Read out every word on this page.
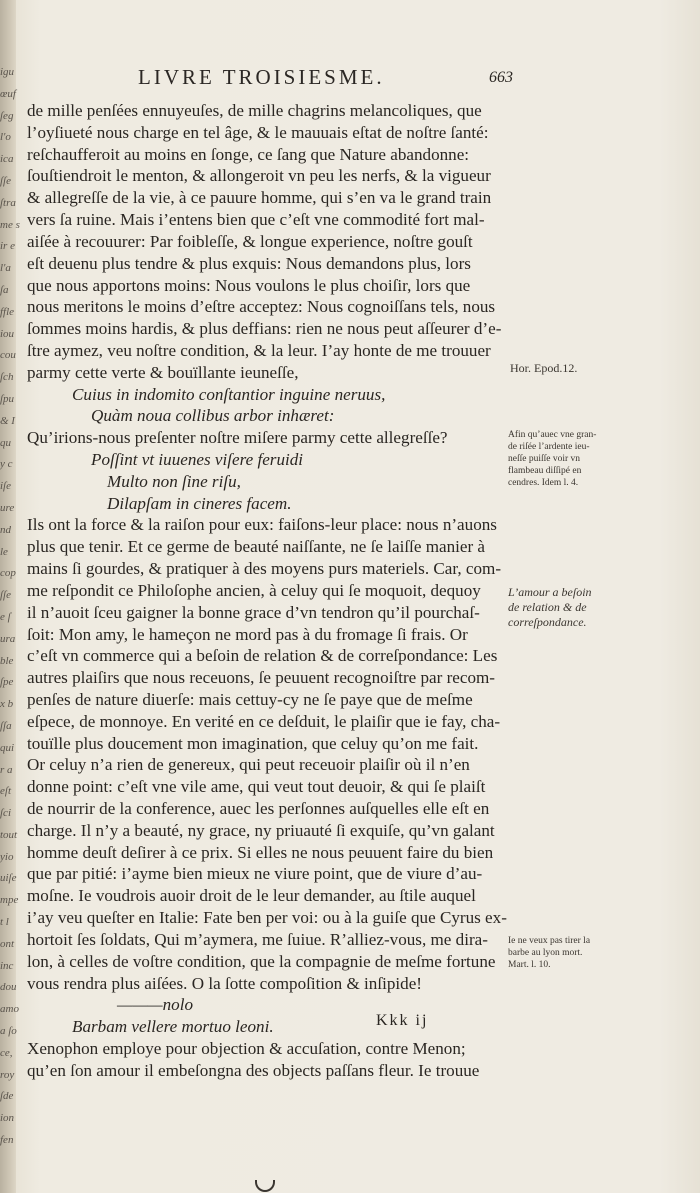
igu
œuf
ſeg
l'o
ica
ſſe
ſtra
me s
ir e
l'a
ſa
ffle
iou
cou
ſch
ſpu
& I
qu
y c
iſe
ure
nd
le
cop
ſſe
e ſ
ura
ble
ſpe
x b
ſſa
qui
r a
eſt
ſci
tout
yio
uiſe
mpe
t l
ont
inc
dou
amo
a ſo
ce,
roy
ſde
ion
fen
LIVRE TROISIESME.	663
de mille penſées ennuyeuſes, de mille chagrins melancoliques, que
l’oyſiueté nous charge en tel âge, & le mauuais eſtat de noſtre ſanté:
reſchaufferoit au moins en ſonge, ce ſang que Nature abandonne:
ſouſtiendroit le menton, & allongeroit vn peu les nerfs, & la vigueur
& allegreſſe de la vie, à ce pauure homme, qui s’en va le grand train
vers ſa ruine. Mais i’entens bien que c’eſt vne commodité fort mal-
aiſée à recouurer: Par foibleſſe, & longue experience, noſtre gouſt
eſt deuenu plus tendre & plus exquis: Nous demandons plus, lors
que nous apportons moins: Nous voulons le plus choiſir, lors que
nous meritons le moins d’eſtre acceptez: Nous cognoiſſans tels, nous
ſommes moins hardis, & plus deffians: rien ne nous peut aſſeurer d’e-
ſtre aymez, veu noſtre condition, & la leur. I’ay honte de me trouuer
parmy cette verte & bouïllante ieuneſſe,
Cuius in indomito conſtantior inguine neruus,
Quàm noua collibus arbor inhæret:
Qu’irions-nous preſenter noſtre miſere parmy cette allegreſſe?
Poſſint vt iuuenes viſere feruidi
Multo non ſine riſu,
Dilapſam in cineres facem.
Ils ont la force & la raiſon pour eux: faiſons-leur place: nous n’auons
plus que tenir. Et ce germe de beauté naiſſante, ne ſe laiſſe manier à
mains ſi gourdes, & pratiquer à des moyens purs materiels. Car, com-
me reſpondit ce Philoſophe ancien, à celuy qui ſe moquoit, dequoy
il n’auoit ſceu gaigner la bonne grace d’vn tendron qu’il pourchaſ-
ſoit: Mon amy, le hameçon ne mord pas à du fromage ſi frais. Or
c’eſt vn commerce qui a beſoin de relation & de correſpondance: Les
autres plaiſirs que nous receuons, ſe peuuent recognoiſtre par recom-
penſes de nature diuerſe: mais cettuy-cy ne ſe paye que de meſme
eſpece, de monnoye. En verité en ce deſduit, le plaiſir que ie fay, cha-
touïlle plus doucement mon imagination, que celuy qu’on me fait.
Or celuy n’a rien de genereux, qui peut receuoir plaiſir où il n’en
donne point: c’eſt vne vile ame, qui veut tout deuoir, & qui ſe plaiſt
de nourrir de la conference, auec les perſonnes auſquelles elle eſt en
charge. Il n’y a beauté, ny grace, ny priuauté ſi exquiſe, qu’vn galant
homme deuſt deſirer à ce prix. Si elles ne nous peuuent faire du bien
que par pitié: i’ayme bien mieux ne viure point, que de viure d’au-
moſne. Ie voudrois auoir droit de le leur demander, au ſtile auquel
i’ay veu queſter en Italie: Fate ben per voi: ou à la guiſe que Cyrus ex-
hortoit ſes ſoldats, Qui m’aymera, me ſuiue. R’alliez-vous, me dira-
lon, à celles de voſtre condition, que la compagnie de meſme fortune
vous rendra plus aiſées. O la ſotte compoſition & inſipide!
———nolo
Barbam vellere mortuo leoni.
Xenophon employe pour objection & accuſation, contre Menon;
qu’en ſon amour il embeſongna des objects paſſans fleur. Ie trouue
Kkk ij
Hor. Epod.12.
Afin qu’auec vne gran-
de riſée l’ardente ieu-
neſſe puiſſe voir vn
flambeau diſſipé en
cendres. Idem l. 4.
L’amour a beſoin
de relation & de
correſpondance.
Ie ne veux pas tirer la
barbe au lyon mort.
Mart. l. 10.
